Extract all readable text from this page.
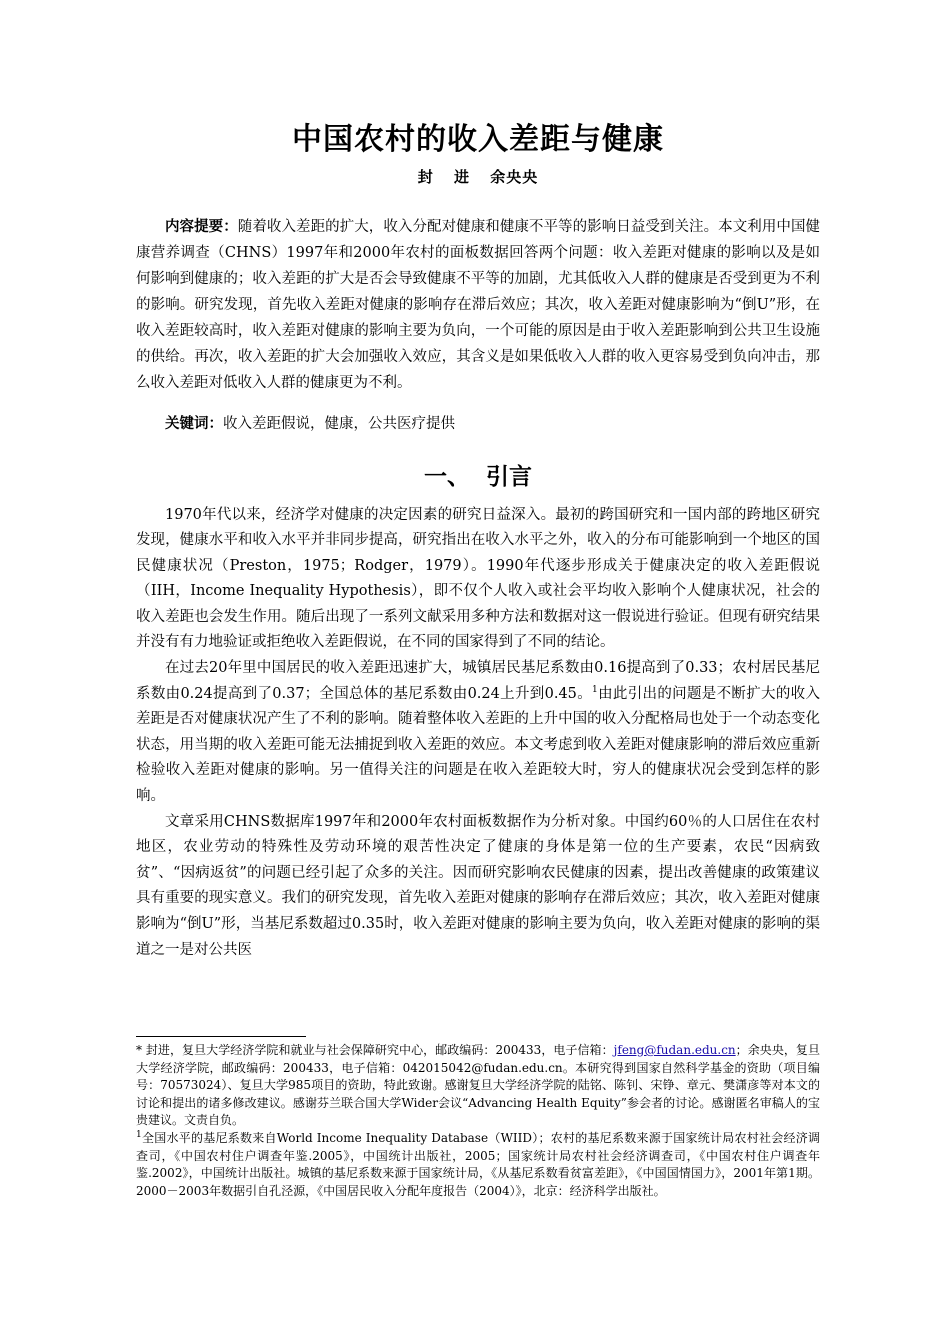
中国农村的收入差距与健康

封 进 余央央

内容提要：随着收入差距的扩大，收入分配对健康和健康不平等的影响日益受到关注。本文利用中国健康营养调查（CHNS）1997年和2000年农村的面板数据回答两个问题：收入差距对健康的影响以及是如何影响到健康的；收入差距的扩大是否会导致健康不平等的加剧，尤其低收入人群的健康是否受到更为不利的影响。研究发现，首先收入差距对健康的影响存在滞后效应；其次，收入差距对健康影响为“倒U”形，在收入差距较高时，收入差距对健康的影响主要为负向，一个可能的原因是由于收入差距影响到公共卫生设施的供给。再次，收入差距的扩大会加强收入效应，其含义是如果低收入人群的收入更容易受到负向冲击，那么收入差距对低收入人群的健康更为不利。

关键词：收入差距假说，健康，公共医疗提供

一、 引言

1970年代以来，经济学对健康的决定因素的研究日益深入。最初的跨国研究和一国内部的跨地区研究发现，健康水平和收入水平并非同步提高，研究指出在收入水平之外，收入的分布可能影响到一个地区的国民健康状况（Preston，1975；Rodger，1979）。1990年代逐步形成关于健康决定的收入差距假说（IIH，Income Inequality Hypothesis），即不仅个人收入或社会平均收入影响个人健康状况，社会的收入差距也会发生作用。随后出现了一系列文献采用多种方法和数据对这一假说进行验证。但现有研究结果并没有有力地验证或拒绝收入差距假说，在不同的国家得到了不同的结论。

在过去20年里中国居民的收入差距迅速扩大，城镇居民基尼系数由0.16提高到了0.33；农村居民基尼系数由0.24提高到了0.37；全国总体的基尼系数由0.24上升到0.45。$^1$由此引出的问题是不断扩大的收入差距是否对健康状况产生了不利的影响。随着整体收入差距的上升中国的收入分配格局也处于一个动态变化状态，用当期的收入差距可能无法捕捉到收入差距的效应。本文考虑到收入差距对健康影响的滞后效应重新检验收入差距对健康的影响。另一值得关注的问题是在收入差距较大时，穷人的健康状况会受到怎样的影响。

文章采用CHNS数据库1997年和2000年农村面板数据作为分析对象。中国约60％的人口居住在农村地区，农业劳动的特殊性及劳动环境的艰苦性决定了健康的身体是第一位的生产要素，农民“因病致贫”、“因病返贫”的问题已经引起了众多的关注。因而研究影响农民健康的因素，提出改善健康的政策建议具有重要的现实意义。我们的研究发现，首先收入差距对健康的影响存在滞后效应；其次，收入差距对健康影响为“倒U”形，当基尼系数超过0.35时，收入差距对健康的影响主要为负向，收入差距对健康的影响的渠道之一是对公共医

* 封进，复旦大学经济学院和就业与社会保障研究中心，邮政编码：200433，电子信箱：jfeng@fudan.edu.cn；余央央，复旦大学经济学院，邮政编码：200433，电子信箱：042015042@fudan.edu.cn。本研究得到国家自然科学基金的资助（项目编号：70573024）、复旦大学985项目的资助，特此致谢。感谢复旦大学经济学院的陆铭、陈钊、宋铮、章元、樊潇彦等对本文的讨论和提出的诸多修改建议。感谢芬兰联合国大学Wider会议“Advancing Health Equity”参会者的讨论。感谢匿名审稿人的宝贵建议。文责自负。

$^1$全国水平的基尼系数来自World Income Inequality Database（WIID）；农村的基尼系数来源于国家统计局农村社会经济调查司，《中国农村住户调查年鉴.2005》，中国统计出版社，2005；国家统计局农村社会经济调查司，《中国农村住户调查年鉴.2002》，中国统计出版社。城镇的基尼系数来源于国家统计局，《从基尼系数看贫富差距》，《中国国情国力》，2001年第1期。2000－2003年数据引自孔泾源，《中国居民收入分配年度报告（2004）》，北京：经济科学出版社。
